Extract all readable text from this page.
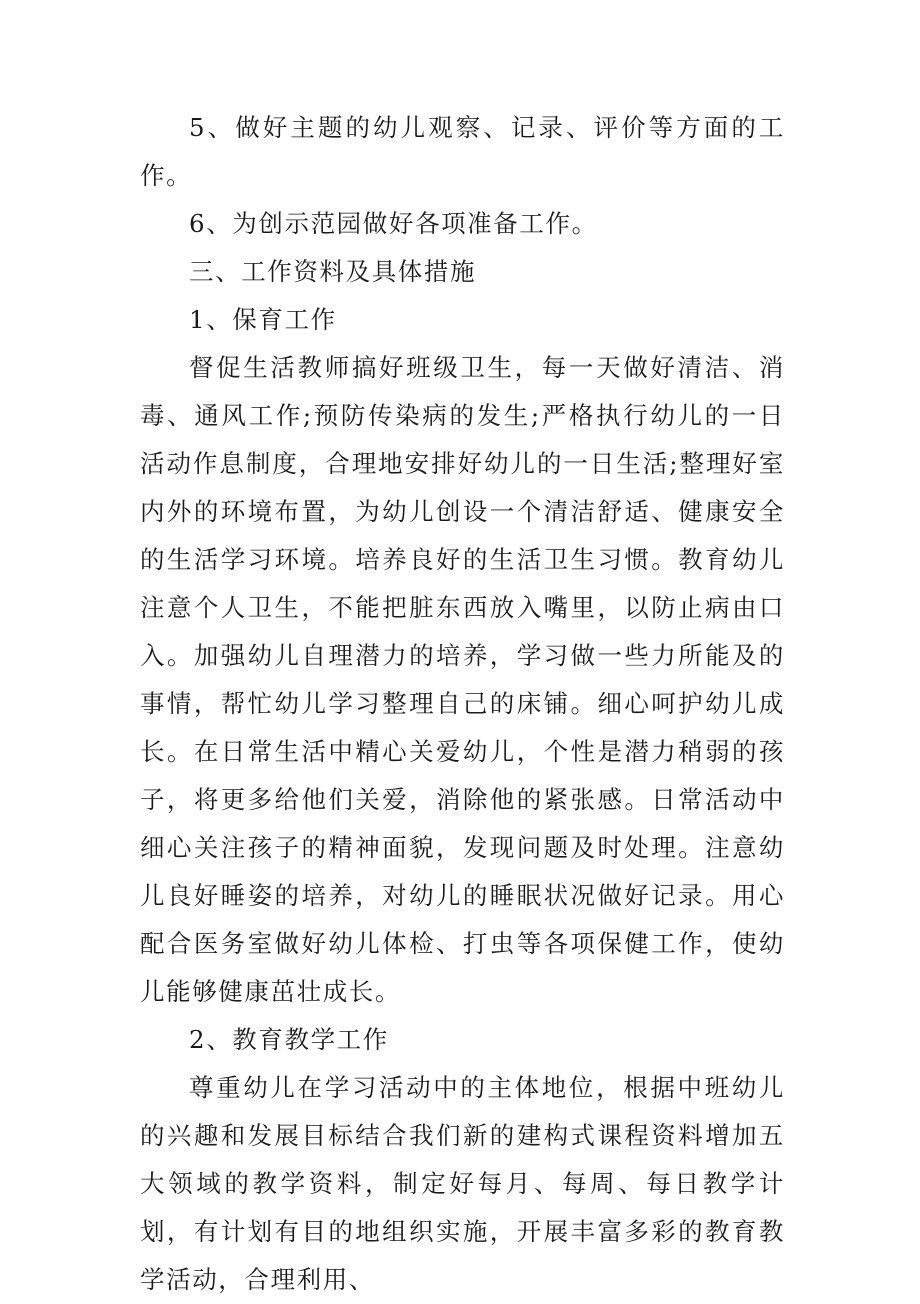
5、做好主题的幼儿观察、记录、评价等方面的工作。

6、为创示范园做好各项准备工作。

三、工作资料及具体措施

1、保育工作

督促生活教师搞好班级卫生，每一天做好清洁、消毒、通风工作;预防传染病的发生;严格执行幼儿的一日活动作息制度，合理地安排好幼儿的一日生活;整理好室内外的环境布置，为幼儿创设一个清洁舒适、健康安全的生活学习环境。培养良好的生活卫生习惯。教育幼儿注意个人卫生，不能把脏东西放入嘴里，以防止病由口入。加强幼儿自理潜力的培养，学习做一些力所能及的事情，帮忙幼儿学习整理自己的床铺。细心呵护幼儿成长。在日常生活中精心关爱幼儿，个性是潜力稍弱的孩子，将更多给他们关爱，消除他的紧张感。日常活动中细心关注孩子的精神面貌，发现问题及时处理。注意幼儿良好睡姿的培养，对幼儿的睡眠状况做好记录。用心配合医务室做好幼儿体检、打虫等各项保健工作，使幼儿能够健康茁壮成长。

2、教育教学工作

尊重幼儿在学习活动中的主体地位，根据中班幼儿的兴趣和发展目标结合我们新的建构式课程资料增加五大领域的教学资料，制定好每月、每周、每日教学计划，有计划有目的地组织实施，开展丰富多彩的教育教学活动，合理利用、
